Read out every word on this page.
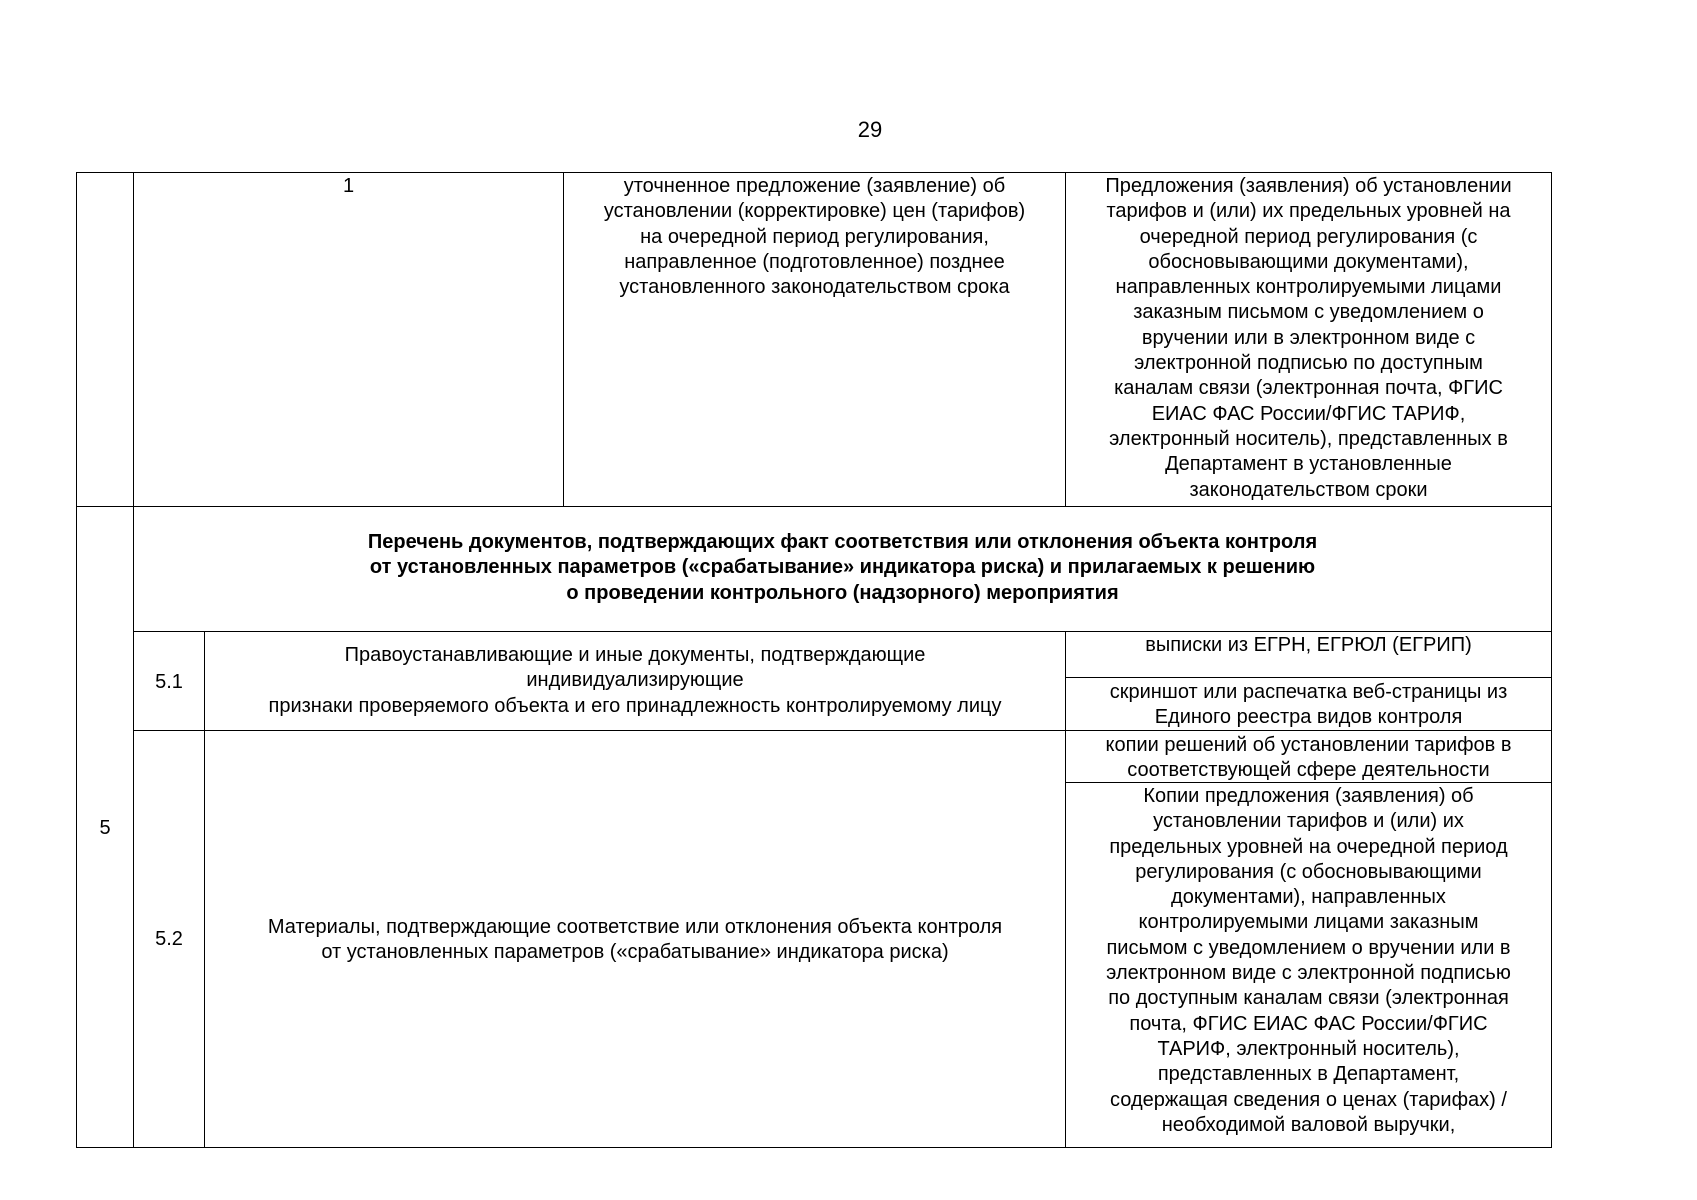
29
1	уточненное предложение (заявление) об
установлении (корректировке) цен (тарифов)
на очередной период регулирования,
направленное (подготовленное) позднее
установленного законодательством срока
Предложения (заявления) об установлении
тарифов и (или) их предельных уровней на
очередной период регулирования (с
обосновывающими документами),
направленных контролируемыми лицами
заказным письмом с уведомлением о
вручении или в электронном виде с
электронной подписью по доступным
каналам связи (электронная почта, ФГИС
ЕИАС ФАС России/ФГИС ТАРИФ,
электронный носитель), представленных в
Департамент в установленные
законодательством сроки
5
Перечень документов, подтверждающих факт соответствия или отклонения объекта контроля
от установленных параметров («срабатывание» индикатора риска) и прилагаемых к решению
о проведении контрольного (надзорного) мероприятия
5.1
Правоустанавливающие и иные документы, подтверждающие
индивидуализирующие
признаки проверяемого объекта и его принадлежность контролируемому лицу
выписки из ЕГРН, ЕГРЮЛ (ЕГРИП)
скриншот или распечатка веб-страницы из
Единого реестра видов контроля
5.2
Материалы, подтверждающие соответствие или отклонения объекта контроля
от установленных параметров («срабатывание» индикатора риска)
копии решений об установлении тарифов в
соответствующей сфере деятельности
Копии предложения (заявления) об
установлении тарифов и (или) их
предельных уровней на очередной период
регулирования (с обосновывающими
документами), направленных
контролируемыми лицами заказным
письмом с уведомлением о вручении или в
электронном виде с электронной подписью
по доступным каналам связи (электронная
почта, ФГИС ЕИАС ФАС России/ФГИС
ТАРИФ, электронный носитель),
представленных в Департамент,
содержащая сведения о ценах (тарифах) /
необходимой валовой выручки,
